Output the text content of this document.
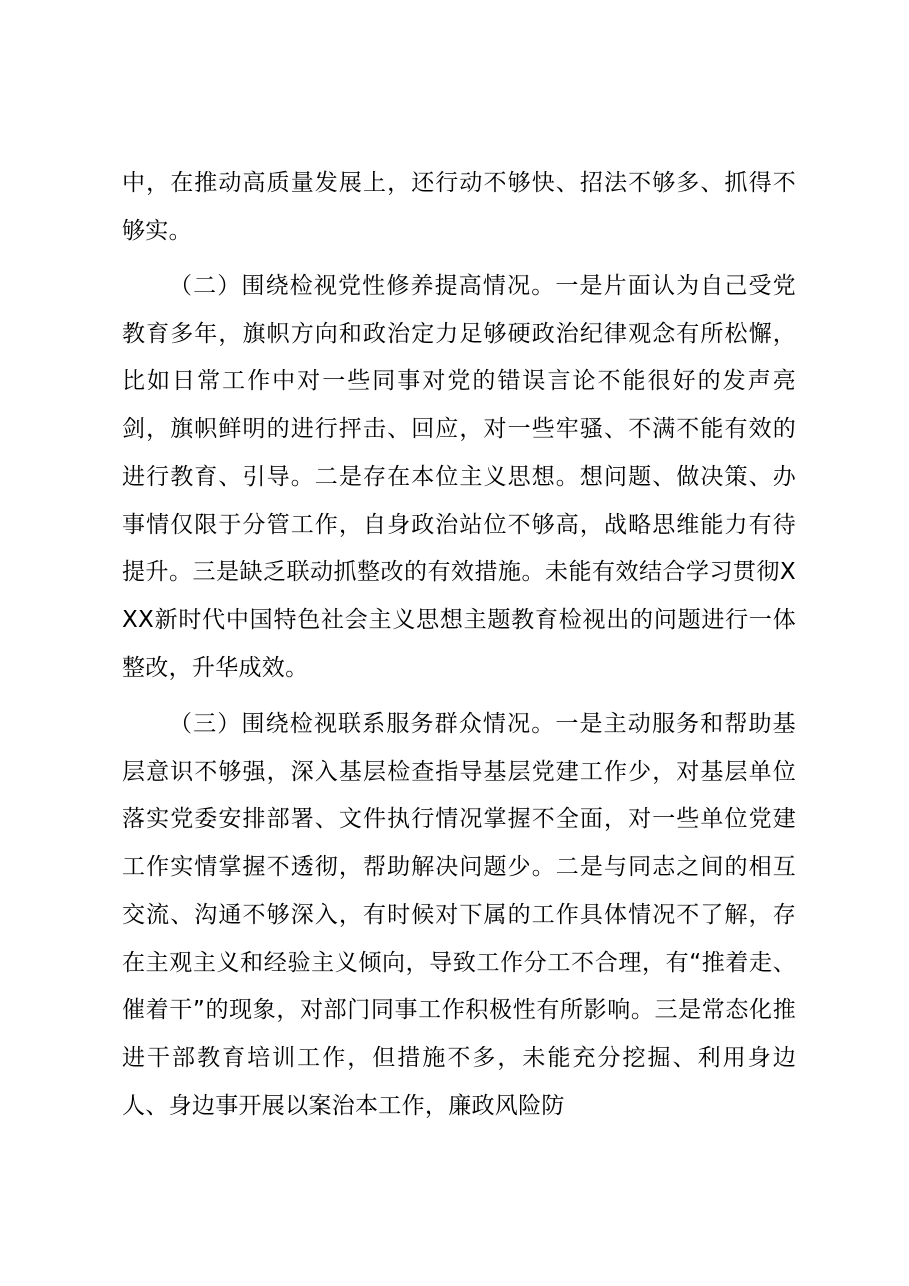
中，在推动高质量发展上，还行动不够快、招法不够多、抓得不够实。

（二）围绕检视党性修养提高情况。一是片面认为自己受党教育多年，旗帜方向和政治定力足够硬政治纪律观念有所松懈，比如日常工作中对一些同事对党的错误言论不能很好的发声亮剑，旗帜鲜明的进行抨击、回应，对一些牢骚、不满不能有效的进行教育、引导。二是存在本位主义思想。想问题、做决策、办事情仅限于分管工作，自身政治站位不够高，战略思维能力有待提升。三是缺乏联动抓整改的有效措施。未能有效结合学习贯彻XXX新时代中国特色社会主义思想主题教育检视出的问题进行一体整改，升华成效。

（三）围绕检视联系服务群众情况。一是主动服务和帮助基层意识不够强，深入基层检查指导基层党建工作少，对基层单位落实党委安排部署、文件执行情况掌握不全面，对一些单位党建工作实情掌握不透彻，帮助解决问题少。二是与同志之间的相互交流、沟通不够深入，有时候对下属的工作具体情况不了解，存在主观主义和经验主义倾向，导致工作分工不合理，有“推着走、催着干”的现象，对部门同事工作积极性有所影响。三是常态化推进干部教育培训工作，但措施不多，未能充分挖掘、利用身边人、身边事开展以案治本工作，廉政风险防
